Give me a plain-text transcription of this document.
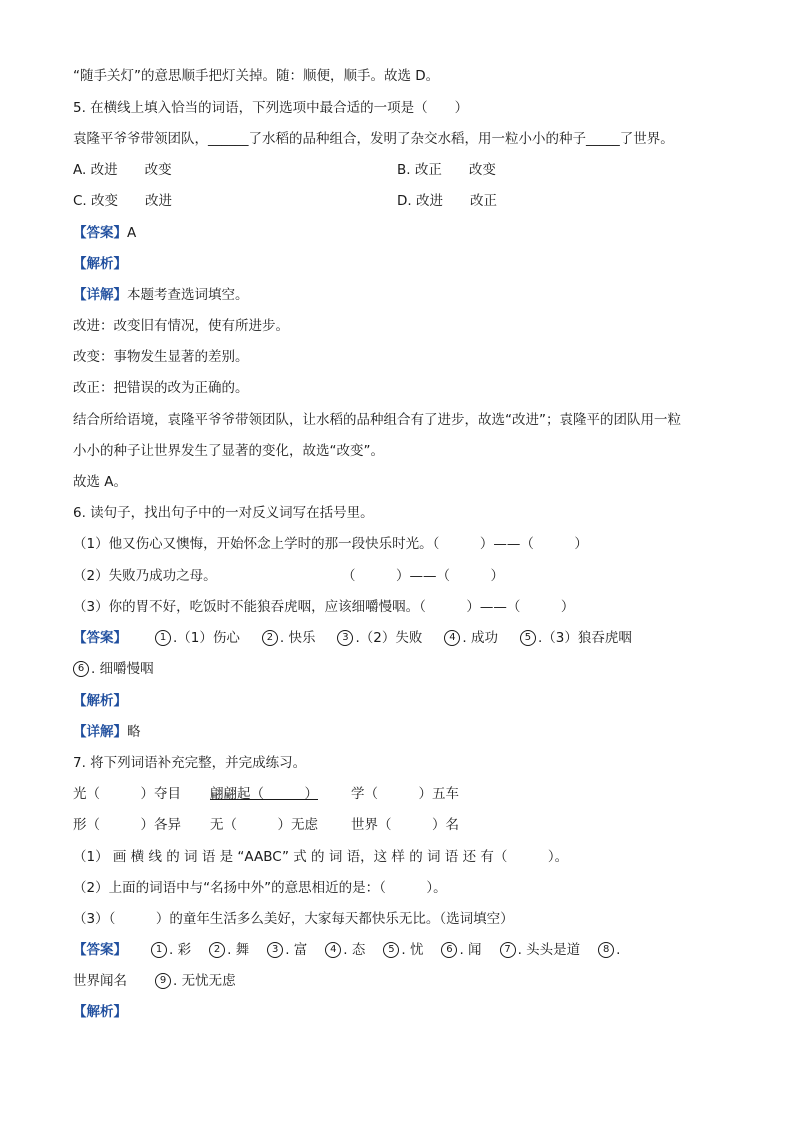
“随手关灯”的意思顺手把灯关掉。随：顺便，顺手。故选 D。
5. 在横线上填入恰当的词语，下列选项中最合适的一项是（　　）
袁隆平爷爷带领团队，______了水稻的品种组合，发明了杂交水稻，用一粒小小的种子_____了世界。
A. 改进　　改变	B. 改正　　改变
C. 改变　　改进	D. 改进　　改正
【答案】A
【解析】
【详解】本题考查选词填空。
改进：改变旧有情况，使有所进步。
改变：事物发生显著的差别。
改正：把错误的改为正确的。
结合所给语境，袁隆平爷爷带领团队，让水稻的品种组合有了进步，故选“改进”；袁隆平的团队用一粒
小小的种子让世界发生了显著的变化，故选“改变”。
故选 A。
6. 读句子，找出句子中的一对反义词写在括号里。
（1）他又伤心又懊悔，开始怀念上学时的那一段快乐时光。（　　　）——（　　　）
（2）失败乃成功之母。	（　　　）——（　　　）
（3）你的胃不好，吃饭时不能狼吞虎咽，应该细嚼慢咽。（　　　）——（　　　）
【答案】	1 .（1）伤心	2 . 快乐	3 .（2）失败	4 . 成功	5 .（3）狼吞虎咽
6 . 细嚼慢咽
【解析】
【详解】略
7. 将下列词语补充完整，并完成练习。
光（　　　）夺目 翩翩起（　　　） 学（　　　）五车
形（　　　）各异 无（　　　）无虑 世界（　　　）名
（1） 画 横 线 的 词 语 是 “AABC” 式 的 词 语，这 样 的 词 语 还 有（　　　）。
（2）上面的词语中与“名扬中外”的意思相近的是：（　　　）。
（3）（　　　）的童年生活多么美好，大家每天都快乐无比。（选词填空）
【答案】	1 . 彩	2 . 舞	3 . 富	4 . 态	5 . 忧	6 . 闻	7 . 头头是道	8 .
世界闻名	9 . 无忧无虑
【解析】
